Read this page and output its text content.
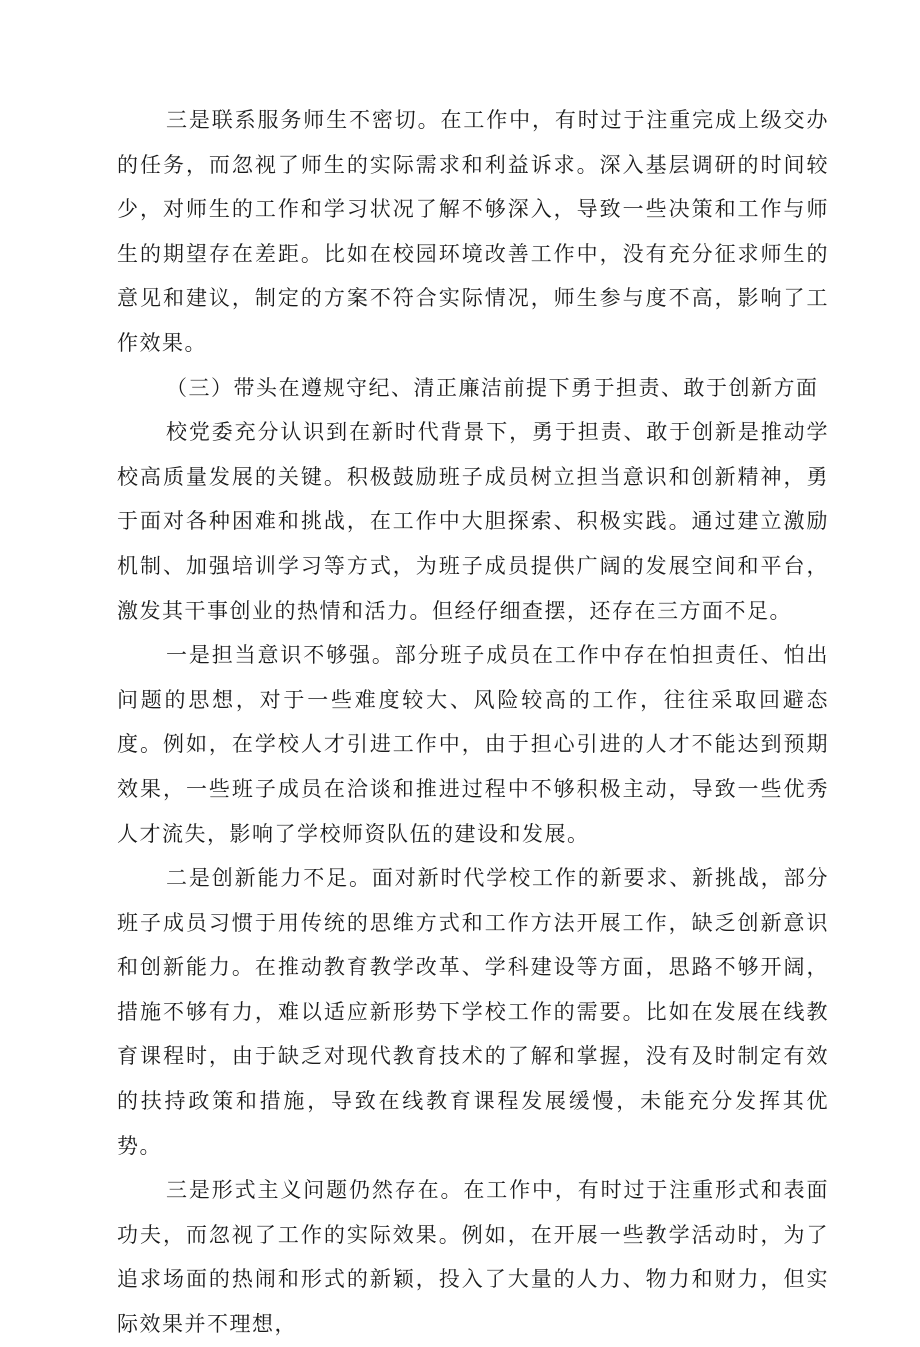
三是联系服务师生不密切。在工作中，有时过于注重完成上级交办的任务，而忽视了师生的实际需求和利益诉求。深入基层调研的时间较少，对师生的工作和学习状况了解不够深入，导致一些决策和工作与师生的期望存在差距。比如在校园环境改善工作中，没有充分征求师生的意见和建议，制定的方案不符合实际情况，师生参与度不高，影响了工作效果。

（三）带头在遵规守纪、清正廉洁前提下勇于担责、敢于创新方面

校党委充分认识到在新时代背景下，勇于担责、敢于创新是推动学校高质量发展的关键。积极鼓励班子成员树立担当意识和创新精神，勇于面对各种困难和挑战，在工作中大胆探索、积极实践。通过建立激励机制、加强培训学习等方式，为班子成员提供广阔的发展空间和平台，激发其干事创业的热情和活力。但经仔细查摆，还存在三方面不足。

一是担当意识不够强。部分班子成员在工作中存在怕担责任、怕出问题的思想，对于一些难度较大、风险较高的工作，往往采取回避态度。例如，在学校人才引进工作中，由于担心引进的人才不能达到预期效果，一些班子成员在洽谈和推进过程中不够积极主动，导致一些优秀人才流失，影响了学校师资队伍的建设和发展。

二是创新能力不足。面对新时代学校工作的新要求、新挑战，部分班子成员习惯于用传统的思维方式和工作方法开展工作，缺乏创新意识和创新能力。在推动教育教学改革、学科建设等方面，思路不够开阔，措施不够有力，难以适应新形势下学校工作的需要。比如在发展在线教育课程时，由于缺乏对现代教育技术的了解和掌握，没有及时制定有效的扶持政策和措施，导致在线教育课程发展缓慢，未能充分发挥其优势。

三是形式主义问题仍然存在。在工作中，有时过于注重形式和表面功夫，而忽视了工作的实际效果。例如，在开展一些教学活动时，为了追求场面的热闹和形式的新颖，投入了大量的人力、物力和财力，但实际效果并不理想，
